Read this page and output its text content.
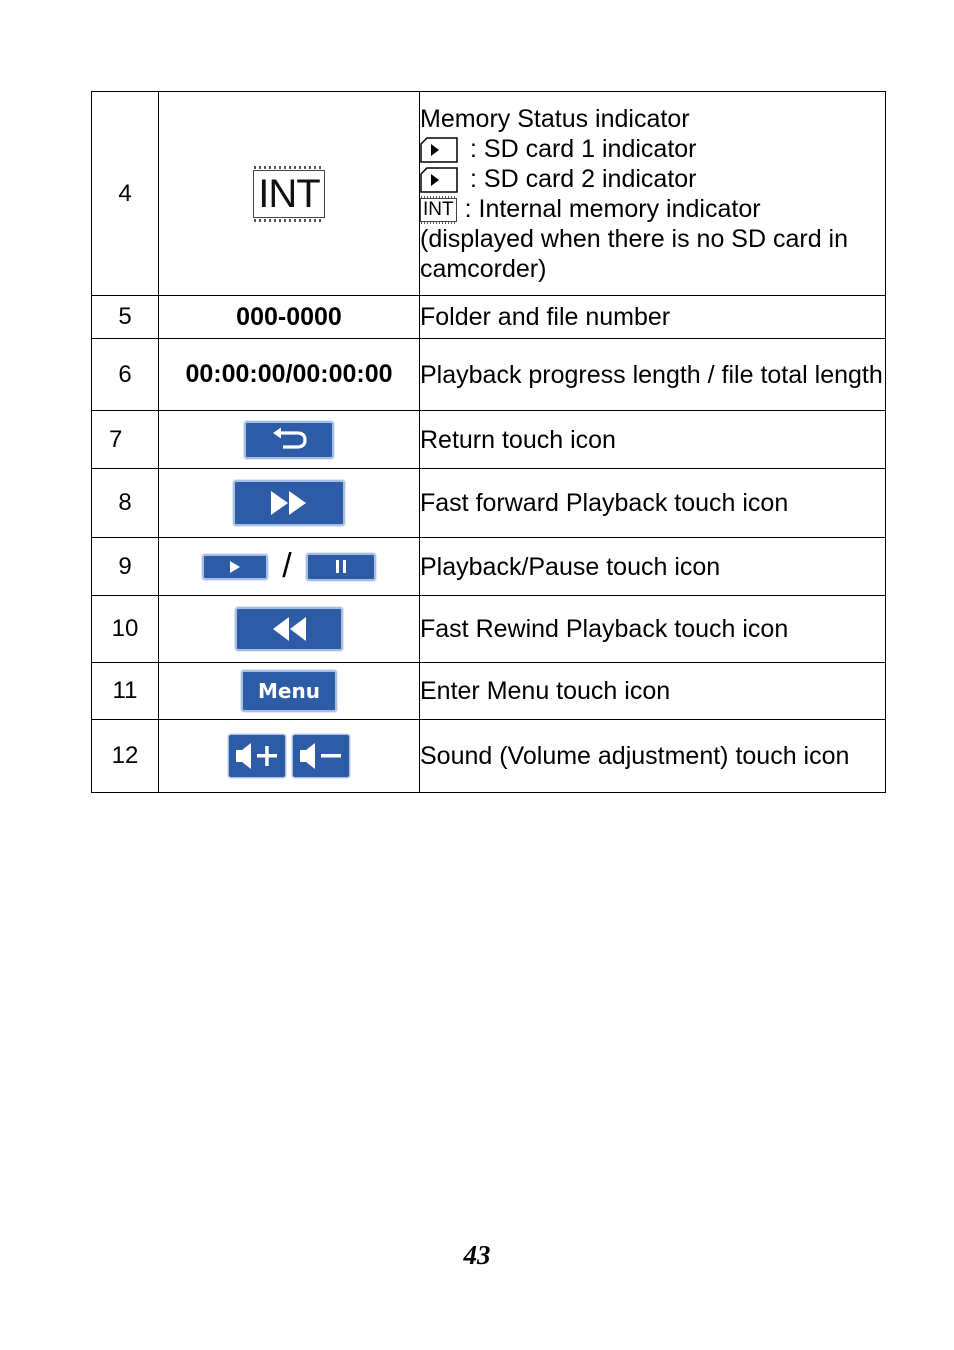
4	INT	Memory Status indicator
: SD card 1 indicator
: SD card 2 indicator
INT : Internal memory indicator
(displayed when there is no SD card in camcorder)
5	000-0000	Folder and file number
6	00:00:00/00:00:00	Playback progress length / file total length
7		Return touch icon
8		Fast forward Playback touch icon
9	/	Playback/Pause touch icon
10		Fast Rewind Playback touch icon
11	Menu	Enter Menu touch icon
12		Sound (Volume adjustment) touch icon
43
